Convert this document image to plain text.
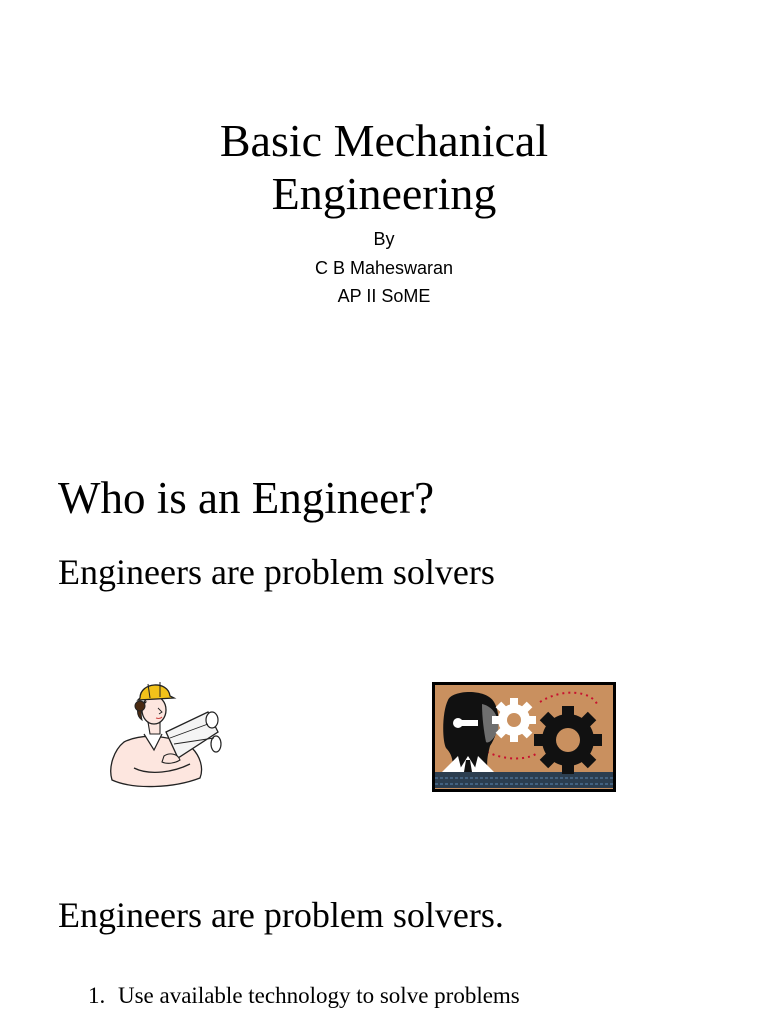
Basic Mechanical
Engineering
By
C B Maheswaran
AP II SoME
Who is an Engineer?
Engineers are problem solvers
Engineers are problem solvers.
1. Use available technology to solve problems
